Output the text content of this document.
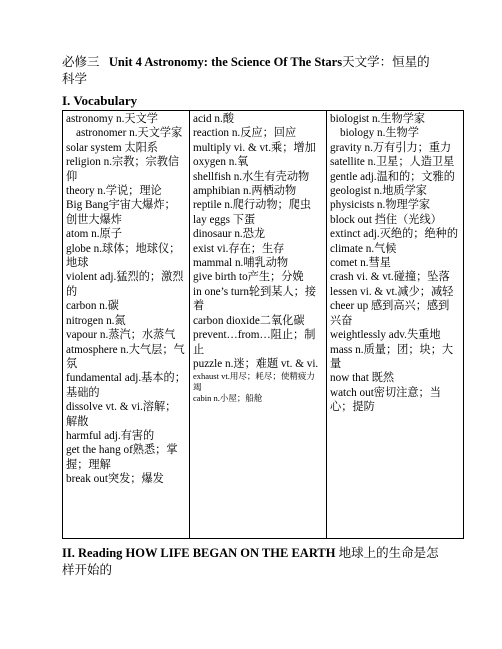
必修三 Unit 4 Astronomy: the Science Of The Stars天文学：恒星的科学
I. Vocabulary
astronomy n.天文学
astronomer n.天文学家
solar system 太阳系
religion n.宗教；宗教信仰
theory n.学说；理论
Big Bang宇宙大爆炸；创世大爆炸
atom n.原子
globe n.球体；地球仪；地球
violent adj.猛烈的；激烈的
carbon n.碳
nitrogen n.氮
vapour n.蒸汽；水蒸气
atmosphere n.大气层；气氛
fundamental adj.基本的；基础的
dissolve vt. & vi.溶解；解散
harmful adj.有害的
get the hang of熟悉；掌握；理解
break out突发；爆发

acid n.酸
reaction n.反应；回应
multiply vi. & vt.乘；增加
oxygen n.氧
shellfish n.水生有壳动物
amphibian n.两栖动物
reptile n.爬行动物；爬虫
lay eggs 下蛋
dinosaur n.恐龙
exist vi.存在；生存
mammal n.哺乳动物
give birth to产生；分娩
in one’s turn轮到某人；接着
carbon dioxide二氧化碳
prevent…from…阻止；制止
puzzle n.迷；难题 vt. & vi.
exhaust vt.用尽；耗尽；使精疲力竭
cabin n.小屋；船舱

biologist n.生物学家
biology n.生物学
gravity n.万有引力；重力
satellite n.卫星；人造卫星
gentle adj.温和的；文雅的
geologist n.地质学家
physicists n.物理学家
block out 挡住（光线）
extinct adj.灭绝的；绝种的
climate n.气候
comet n.彗星
crash vi. & vt.碰撞；坠落
lessen vi. & vt.减少；减轻
cheer up 感到高兴；感到兴奋
weightlessly adv.失重地
mass n.质量；团；块；大量
now that 既然
watch out密切注意；当心；提防
II. Reading HOW LIFE BEGAN ON THE EARTH 地球上的生命是怎样开始的
